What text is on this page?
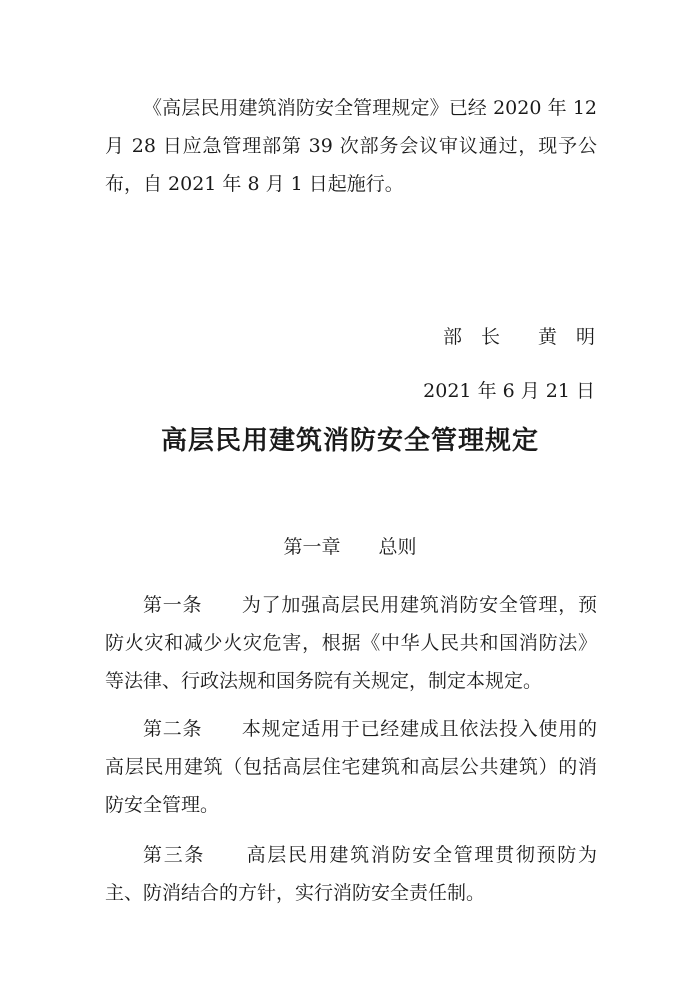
《高层民用建筑消防安全管理规定》已经 2020 年 12 月 28 日应急管理部第 39 次部务会议审议通过，现予公布，自 2021 年 8 月 1 日起施行。

部　长　　黄　明

2021 年 6 月 21 日

高层民用建筑消防安全管理规定

第一章　　总则

第一条　　 为了加强高层民用建筑消防安全管理，预防火灾和减少火灾危害，根据《中华人民共和国消防法》等法律、行政法规和国务院有关规定，制定本规定。

第二条　　 本规定适用于已经建成且依法投入使用的高层民用建筑（包括高层住宅建筑和高层公共建筑）的消防安全管理。

第三条　　 高层民用建筑消防安全管理贯彻预防为主、防消结合的方针，实行消防安全责任制。
